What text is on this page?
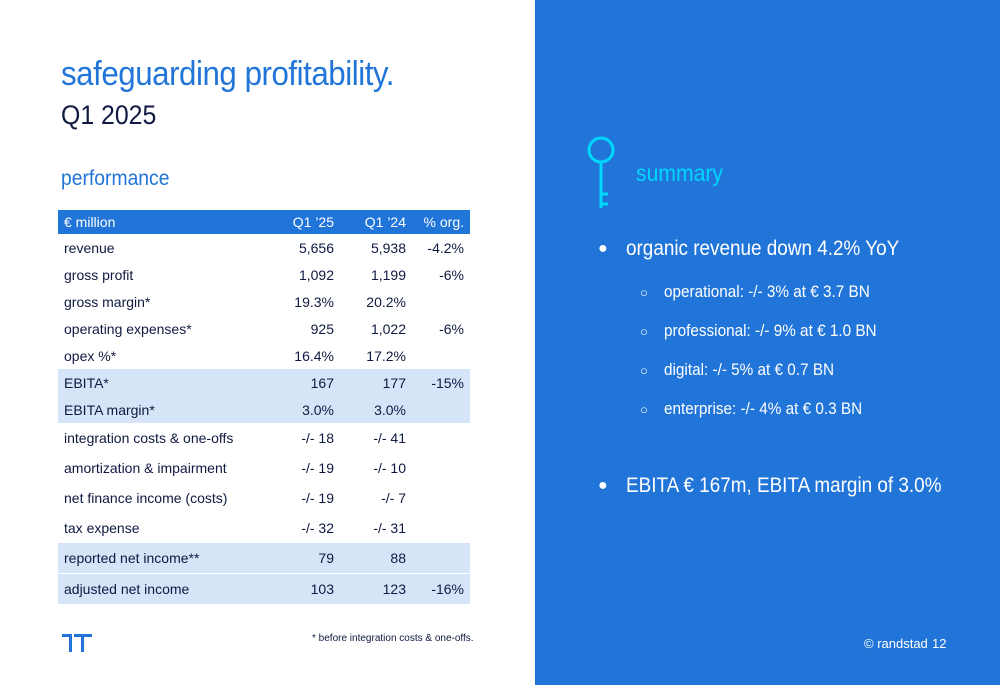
safeguarding profitability.
Q1 2025
performance
€ million	Q1 ’25	Q1 ’24	% org.
revenue	5,656	5,938	-4.2%
gross profit	1,092	1,199	-6%
gross margin*	19.3%	20.2%	
operating expenses*	925	1,022	-6%
opex %*	16.4%	17.2%	
EBITA*	167	177	-15%
EBITA margin*	3.0%	3.0%	
integration costs & one-offs	-/- 18	-/- 41	
amortization & impairment	-/- 19	-/- 10	
net finance income (costs)	-/- 19	-/- 7	
tax expense	-/- 32	-/- 31	
reported net income**	79	88	
adjusted net income	103	123	-16%
* before integration costs & one-offs.
summary
● organic revenue down 4.2% YoY
○ operational: -/- 3% at € 3.7 BN
○ professional: -/- 9% at € 1.0 BN
○ digital: -/- 5% at € 0.7 BN
○ enterprise: -/- 4% at € 0.3 BN
● EBITA € 167m, EBITA margin of 3.0%
© randstad 12
